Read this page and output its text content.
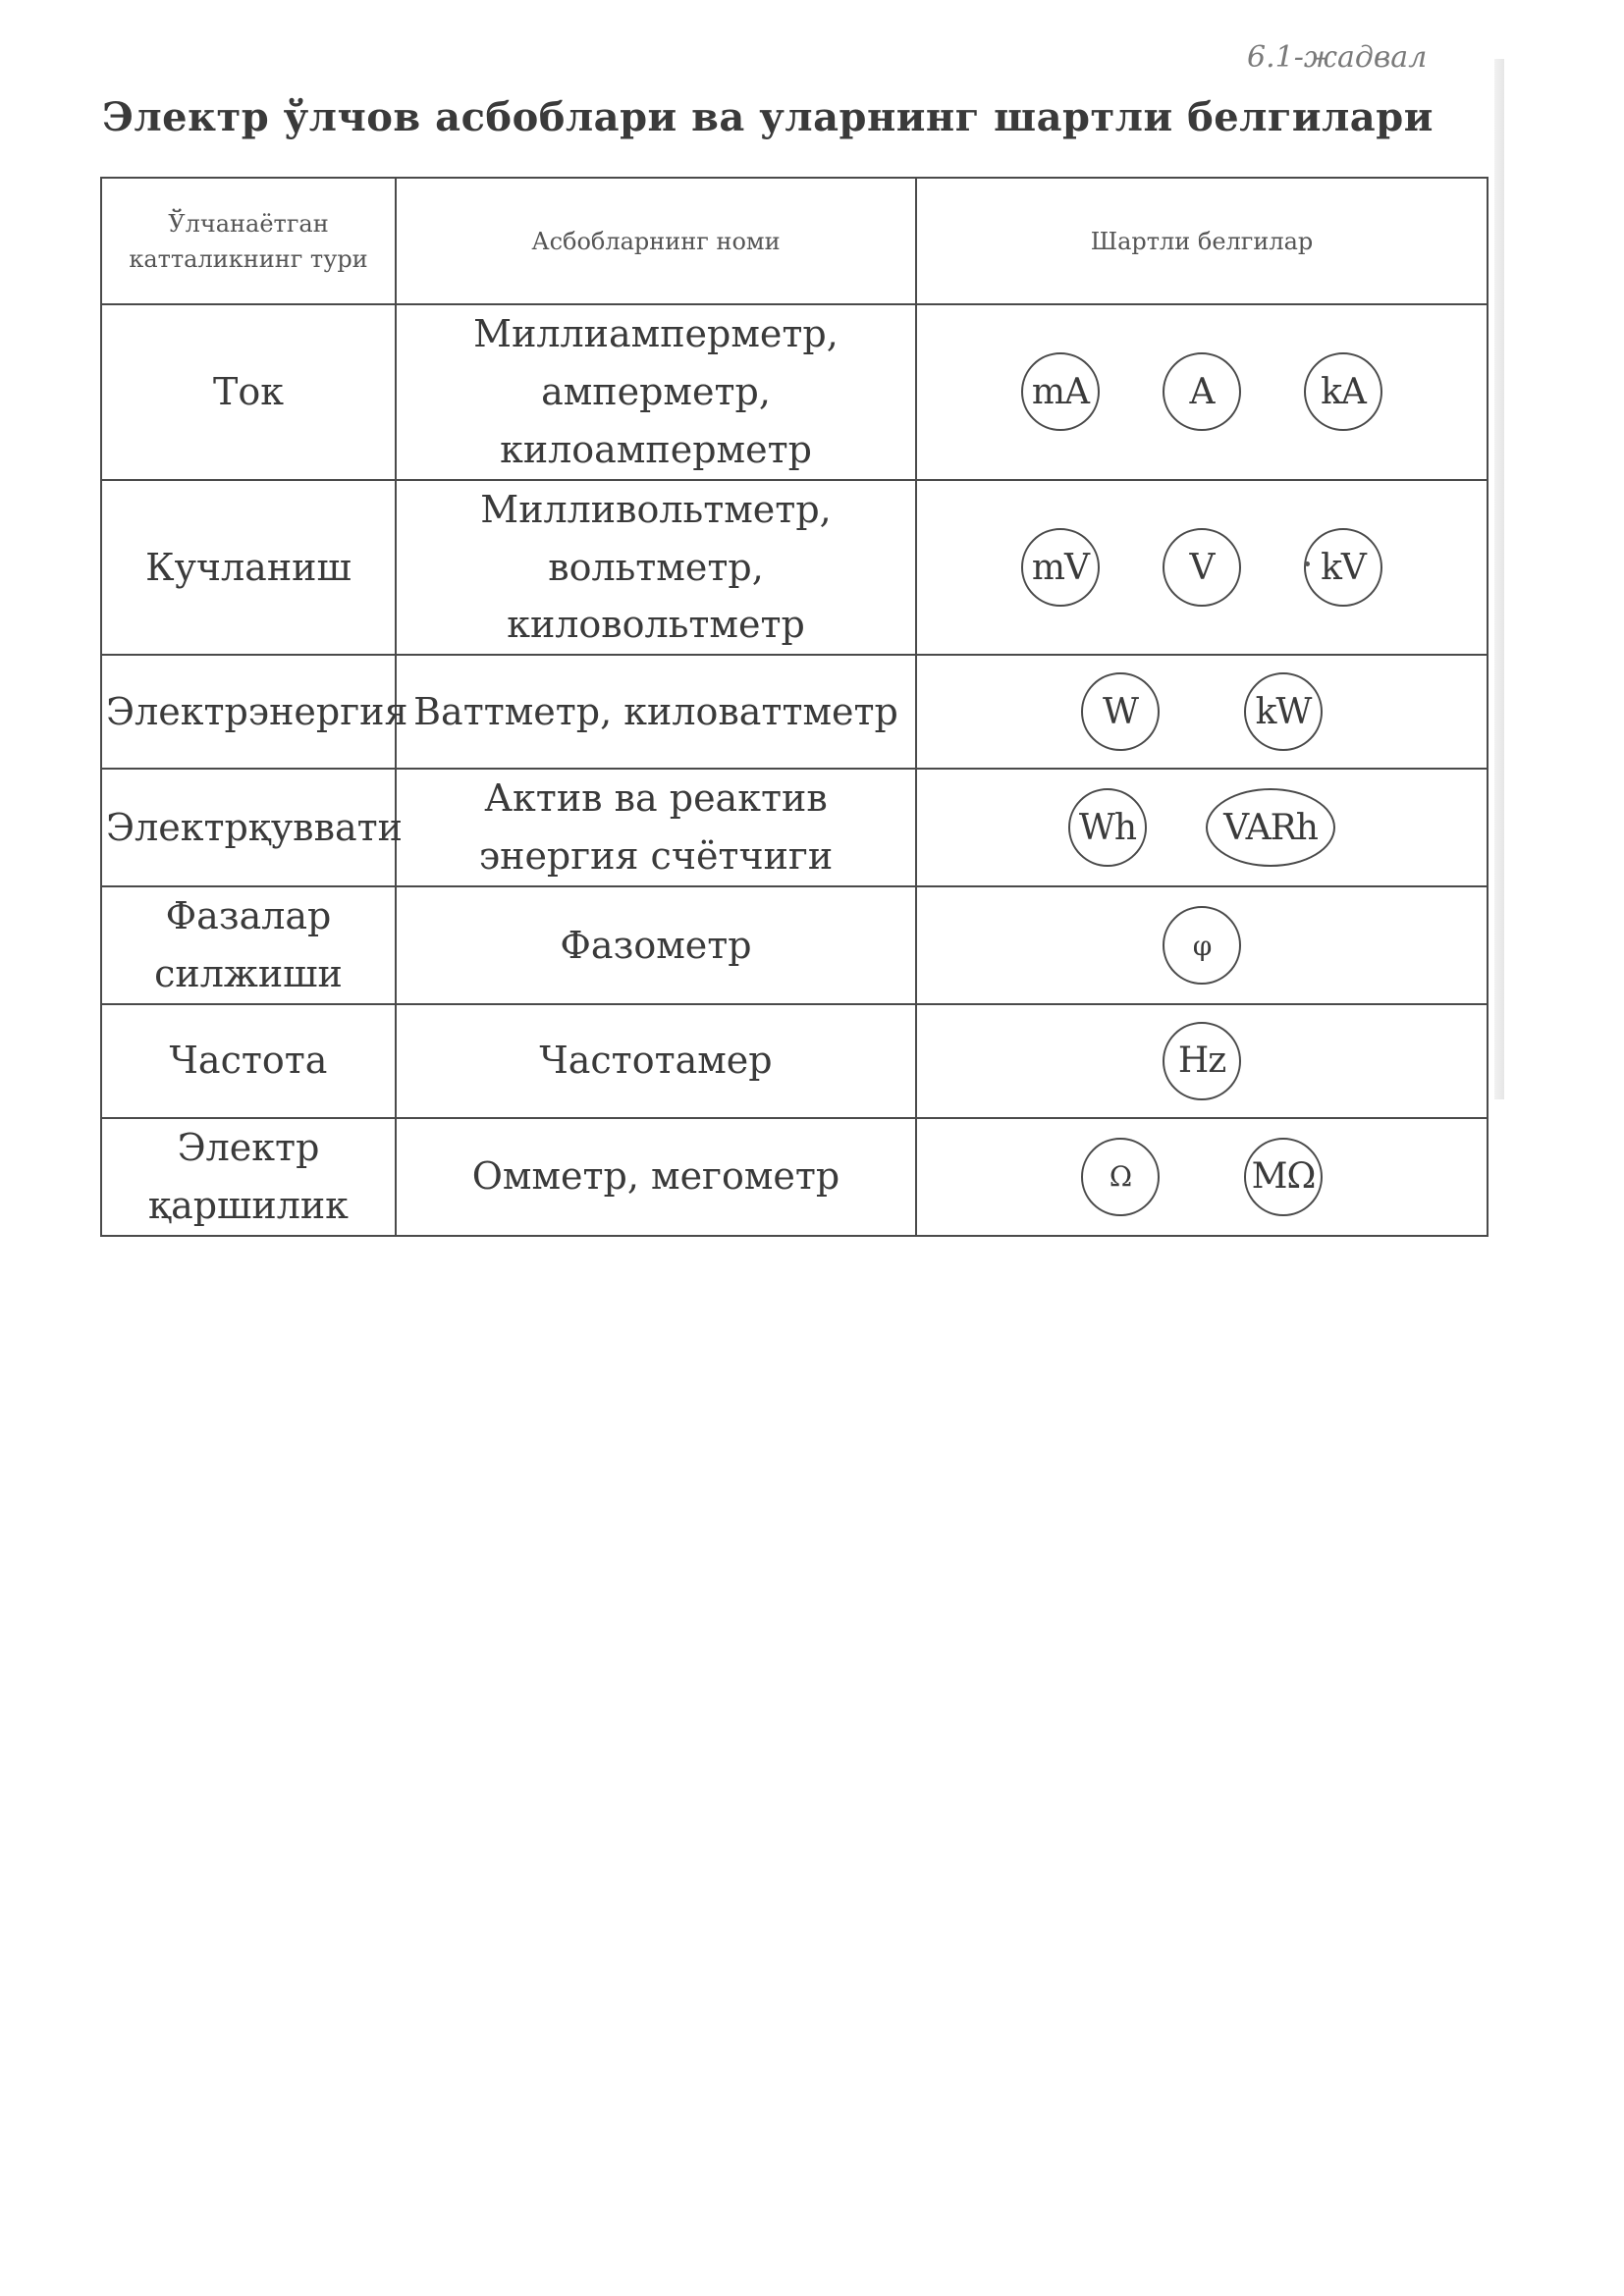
6.1-жадвал
Электр ўлчов асбоблари ва уларнинг шартли белгилари
Ўлчанаётган катталикнинг тури	Асбобларнинг номи	Шартли белгилар
Ток	Миллиамперметр, амперметр, килоамперметр	mA A kA

Кучланиш	Милливольтметр, вольтметр, киловольтметр	mV V kV

Электрэнергия	Ваттметр, киловаттметр	W kW

Электрқуввати	Актив ва реактив энергия счётчиги	Wh VARh

Фазалар силжиши	Фазометр	φ

Частота	Частотамер	Hz

Электр қаршилик	Омметр, мегометр	Ω MΩ
